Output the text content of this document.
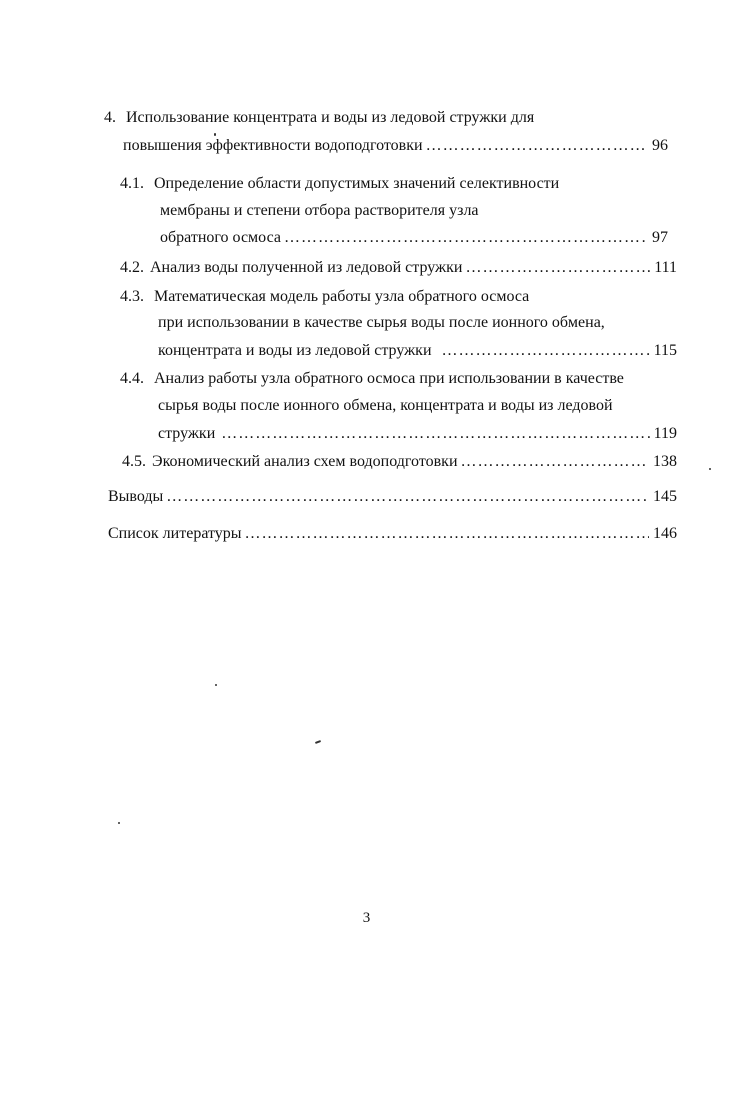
4. Использование концентрата и воды из ледовой стружки для
повышения эффективности водоподготовки ……………………………………………………………………………………………………………………………………………………………………	96
4.1. Определение области допустимых значений селективности
мембраны и степени отбора растворителя узла
обратного осмоса ……………………………………………………………………………………………………………………………………………………………………	97
4.2. Анализ воды полученной из ледовой стружки ……………………………………………………………………………………………………………………………………………………………………	111
4.3. Математическая модель работы узла обратного осмоса
при использовании в качестве сырья воды после ионного обмена,
концентрата и воды из ледовой стружки ……………………………………………………………………………………………………………………………………………………………………	115
4.4. Анализ работы узла обратного осмоса при использовании в качестве
сырья воды после ионного обмена, концентрата и воды из ледовой
стружки ……………………………………………………………………………………………………………………………………………………………………	119
4.5. Экономический анализ схем водоподготовки ……………………………………………………………………………………………………………………………………………………………………	138
Выводы ……………………………………………………………………………………………………………………………………………………………………	145
Список литературы ……………………………………………………………………………………………………………………………………………………………………	146
3
